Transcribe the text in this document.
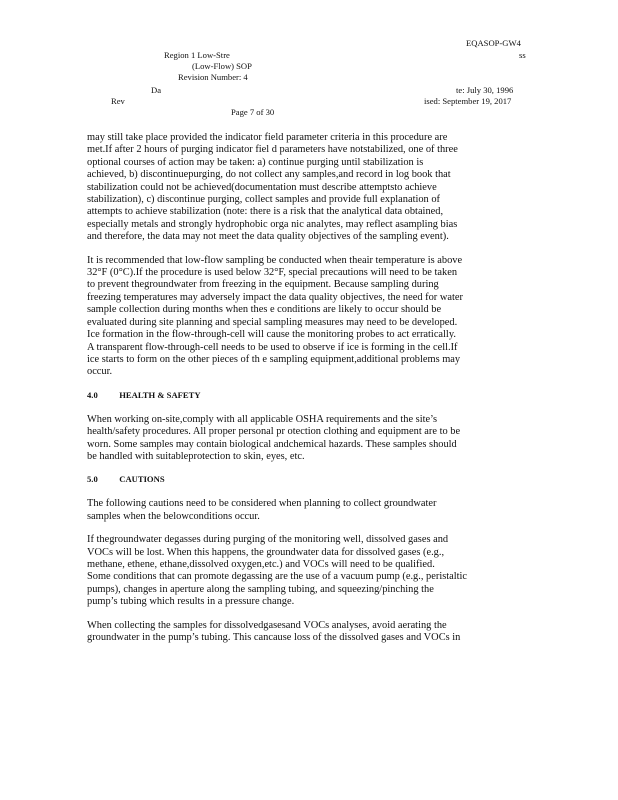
EQASOP-GW4
Region 1 Low-Stre	ss
(Low-Flow) SOP
Revision Number: 4
Da	te: July 30, 1996
Rev	ised: September 19, 2017
Page 7 of 30

may still take place provided the indicator field parameter criteria in this procedure are
met.If after 2 hours of purging indicator fiel d parameters have notstabilized, one of three
optional courses of action may be taken: a) continue purging until stabilization is
achieved, b) discontinuepurging, do not collect any samples,and record in log book that
stabilization could not be achieved(documentation must describe attemptsto achieve
stabilization), c) discontinue purging, collect samples and provide full explanation of
attempts to achieve stabilization (note: there is a risk that the analytical data obtained,
especially metals and strongly hydrophobic orga nic analytes, may reflect asampling bias
and therefore, the data may not meet the data quality objectives of the sampling event).

It is recommended that low-flow sampling be conducted when theair temperature is above
32°F (0°C).If the procedure is used below 32°F, special precautions will need to be taken
to prevent thegroundwater from freezing in the equipment. Because sampling during
freezing temperatures may adversely impact the data quality objectives, the need for water
sample collection during months when thes e conditions are likely to occur should be
evaluated during site planning and special sampling measures may need to be developed.
Ice formation in the flow-through-cell will cause the monitoring probes to act erratically.
A transparent flow-through-cell needs to be used to observe if ice is forming in the cell.If
ice starts to form on the other pieces of th e sampling equipment,additional problems may
occur.

4.0 HEALTH & SAFETY

When working on-site,comply with all applicable OSHA requirements and the site’s
health/safety procedures. All proper personal pr otection clothing and equipment are to be
worn. Some samples may contain biological andchemical hazards. These samples should
be handled with suitableprotection to skin, eyes, etc.

5.0 CAUTIONS

The following cautions need to be considered when planning to collect groundwater
samples when the belowconditions occur.

If thegroundwater degasses during purging of the monitoring well, dissolved gases and
VOCs will be lost. When this happens, the groundwater data for dissolved gases (e.g.,
methane, ethene, ethane,dissolved oxygen,etc.) and VOCs will need to be qualified.
Some conditions that can promote degassing are the use of a vacuum pump (e.g., peristaltic
pumps), changes in aperture along the sampling tubing, and squeezing/pinching the
pump’s tubing which results in a pressure change.

When collecting the samples for dissolvedgasesand VOCs analyses, avoid aerating the
groundwater in the pump’s tubing. This cancause loss of the dissolved gases and VOCs in
